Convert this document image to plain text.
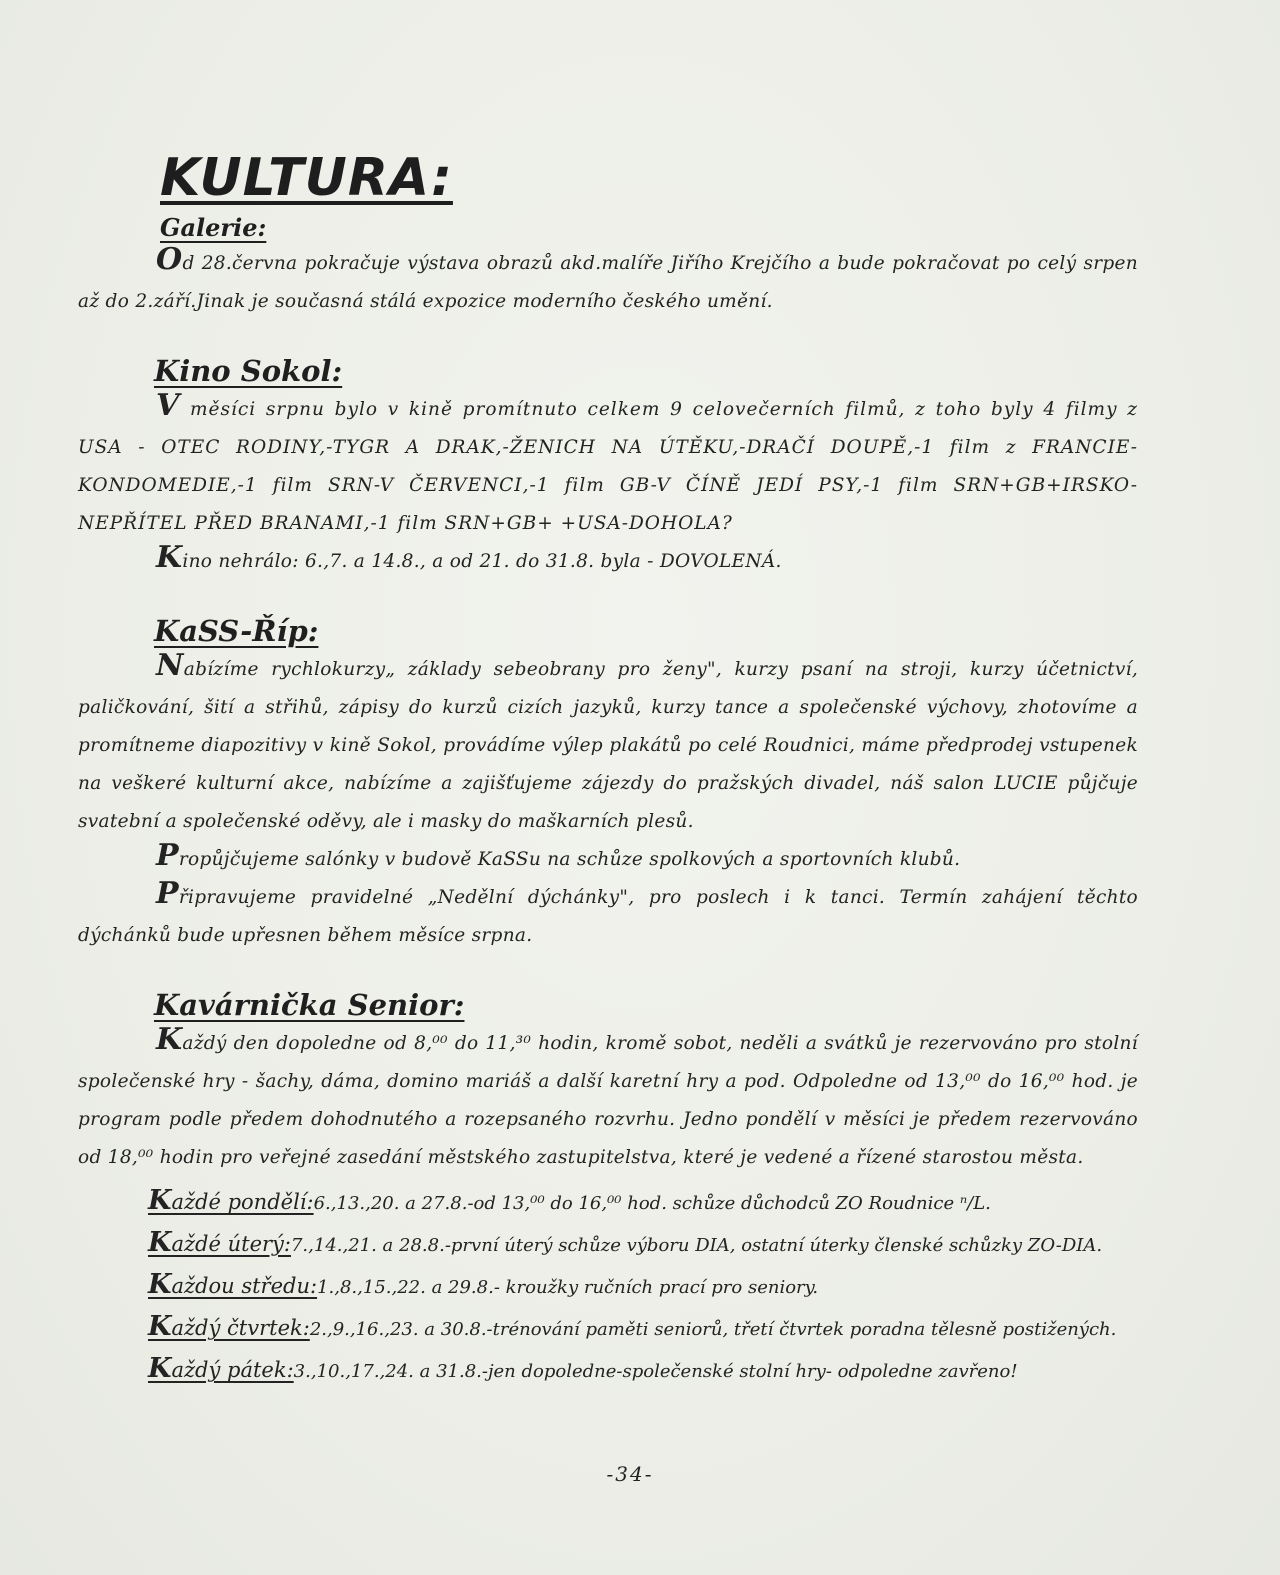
KULTURA:
Galerie:

Od 28.června pokračuje výstava obrazů akd.malíře Jiřího Krejčího a bude pokračovat po celý srpen až do 2.září.Jinak je současná stálá expozice moderního českého umění.

Kino Sokol:

V měsíci srpnu bylo v kině promítnuto celkem 9 celovečerních filmů, z toho byly 4 filmy z USA - OTEC RODINY,-TYGR A DRAK,-ŽENICH NA ÚTĚKU,-DRAČÍ DOUPĚ,-1 film z FRANCIE-KONDOMEDIE,-1 film SRN-V ČERVENCI,-1 film GB-V ČÍNĚ JEDÍ PSY,-1 film SRN+GB+IRSKO-NEPŘÍTEL PŘED BRANAMI,-1 film SRN+GB+ +USA-DOHOLA?

Kino nehrálo: 6.,7. a 14.8., a od 21. do 31.8. byla - DOVOLENÁ.

KaSS-Říp:

Nabízíme rychlokurzy„ základy sebeobrany pro ženy", kurzy psaní na stroji, kurzy účetnictví, paličkování, šití a střihů, zápisy do kurzů cizích jazyků, kurzy tance a společenské výchovy, zhotovíme a promítneme diapozitivy v kině Sokol, provádíme výlep plakátů po celé Roudnici, máme předprodej vstupenek na veškeré kulturní akce, nabízíme a zajišťujeme zájezdy do pražských divadel, náš salon LUCIE půjčuje svatební a společenské oděvy, ale i masky do maškarních plesů.

Propůjčujeme salónky v budově KaSSu na schůze spolkových a sportovních klubů.

Připravujeme pravidelné „Nedělní dýchánky", pro poslech i k tanci. Termín zahájení těchto dýchánků bude upřesnen během měsíce srpna.

Kavárnička Senior:

Každý den dopoledne od 8,⁰⁰ do 11,³⁰ hodin, kromě sobot, neděli a svátků je rezervováno pro stolní společenské hry - šachy, dáma, domino mariáš a další karetní hry a pod. Odpoledne od 13,⁰⁰ do 16,⁰⁰ hod. je program podle předem dohodnutého a rozepsaného rozvrhu. Jedno pondělí v měsíci je předem rezervováno od 18,⁰⁰ hodin pro veřejné zasedání městského zastupitelstva, které je vedené a řízené starostou města.

Každé pondělí:6.,13.,20. a 27.8.-od 13,⁰⁰ do 16,⁰⁰ hod. schůze důchodců ZO Roudnice ⁿ/L.
Každé úterý:7.,14.,21. a 28.8.-první úterý schůze výboru DIA, ostatní úterky členské schůzky ZO-DIA.
Každou středu:1.,8.,15.,22. a 29.8.- kroužky ručních prací pro seniory.
Každý čtvrtek:2.,9.,16.,23. a 30.8.-trénování paměti seniorů, třetí čtvrtek poradna tělesně postižených.
Každý pátek:3.,10.,17.,24. a 31.8.-jen dopoledne-společenské stolní hry- odpoledne zavřeno!
-34-
